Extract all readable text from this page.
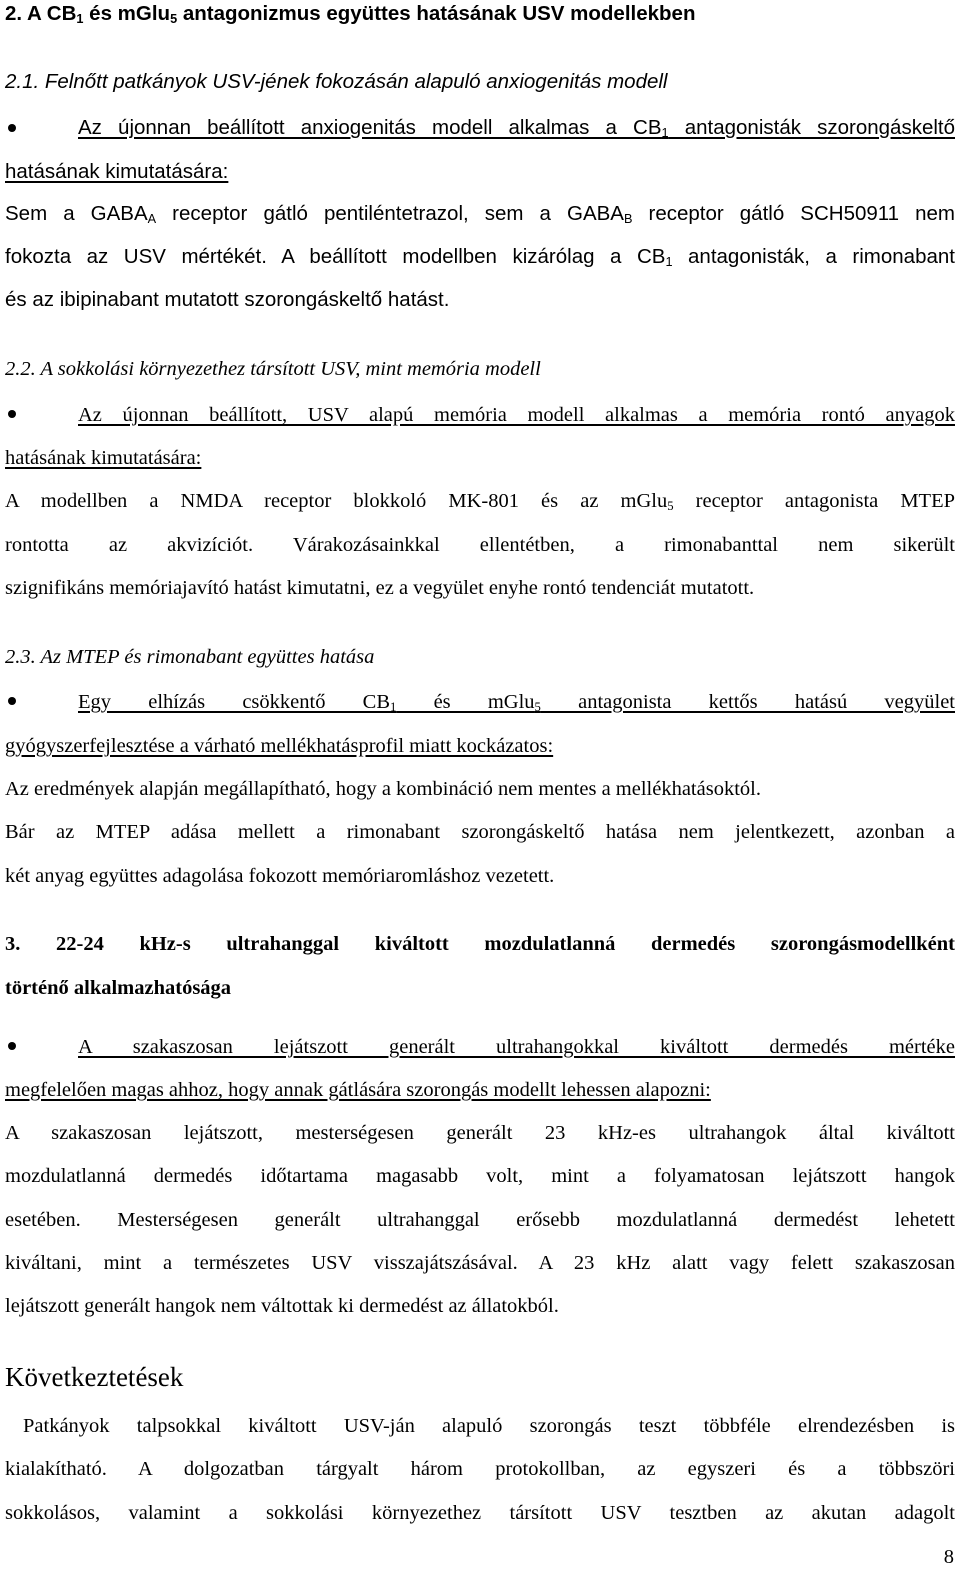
2. A $CB_1$ és mGlu$_5$ antagonizmus együttes hatásának USV modellekben
2.1. Felnőtt patkányok USV-jének fokozásán alapuló anxiogenitás modell
Az újonnan beállított anxiogenitás modell alkalmas a $CB_1$ antagonisták szorongáskeltő
hatásának kimutatására:
Sem a $GABA_A$ receptor gátló pentiléntetrazol, sem a $GABA_B$ receptor gátló SCH50911 nem
fokozta az USV mértékét. A beállított modellben kizárólag a $CB_1$ antagonisták, a rimonabant
és az ibipinabant mutatott szorongáskeltő hatást.
2.2. A sokkolási környezethez társított USV, mint memória modell
Az újonnan beállított, USV alapú memória modell alkalmas a memória rontó anyagok
hatásának kimutatására:
A modellben a NMDA receptor blokkoló MK-801 és az mGlu$_5$ receptor antagonista MTEP
rontotta az akvizíciót. Várakozásainkkal ellentétben, a rimonabanttal nem sikerült
szignifikáns memóriajavító hatást kimutatni, ez a vegyület enyhe rontó tendenciát mutatott.
2.3. Az MTEP és rimonabant együttes hatása
Egy elhízás csökkentő $CB_1$ és mGlu$_5$ antagonista kettős hatású vegyület
gyógyszerfejlesztése a várható mellékhatásprofil miatt kockázatos:
Az eredmények alapján megállapítható, hogy a kombináció nem mentes a mellékhatásoktól.
Bár az MTEP adása mellett a rimonabant szorongáskeltő hatása nem jelentkezett, azonban a
két anyag együttes adagolása fokozott memóriaromláshoz vezetett.
3. 22-24 kHz-s ultrahanggal kiváltott mozdulatlanná dermedés szorongásmodellként
történő alkalmazhatósága
A szakaszosan lejátszott generált ultrahangokkal kiváltott dermedés mértéke
megfelelően magas ahhoz, hogy annak gátlására szorongás modellt lehessen alapozni:
A szakaszosan lejátszott, mesterségesen generált 23 kHz-es ultrahangok által kiváltott
mozdulatlanná dermedés időtartama magasabb volt, mint a folyamatosan lejátszott hangok
esetében. Mesterségesen generált ultrahanggal erősebb mozdulatlanná dermedést lehetett
kiváltani, mint a természetes USV visszajátszásával. A 23 kHz alatt vagy felett szakaszosan
lejátszott generált hangok nem váltottak ki dermedést az állatokból.
Következtetések
Patkányok talpsokkal kiváltott USV-ján alapuló szorongás teszt többféle elrendezésben is
kialakítható. A dolgozatban tárgyalt három protokollban, az egyszeri és a többszöri
sokkolásos, valamint a sokkolási környezethez társított USV tesztben az akutan adagolt
8
